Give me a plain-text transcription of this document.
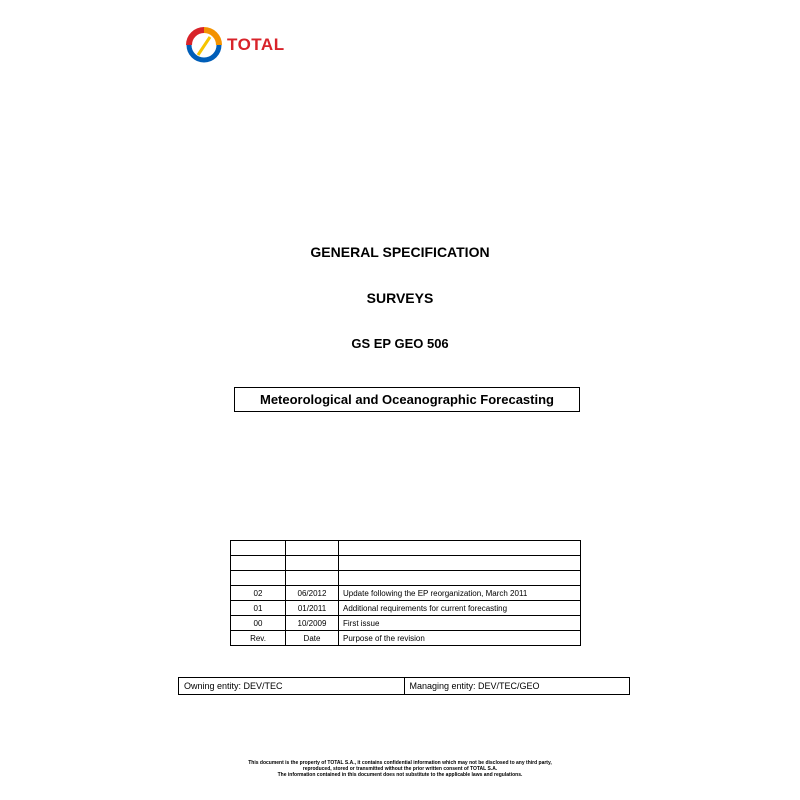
TOTAL
GENERAL SPECIFICATION
SURVEYS
GS EP GEO 506
Meteorological and Oceanographic Forecasting

02	06/2012	Update following the EP reorganization, March 2011
01	01/2011	Additional requirements for current forecasting
00	10/2009	First issue
Rev.	Date	Purpose of the revision
Owning entity: DEV/TEC	Managing entity: DEV/TEC/GEO
This document is the property of TOTAL S.A., it contains confidential information which may not be disclosed to any third party,
reproduced, stored or transmitted without the prior written consent of TOTAL S.A.
The information contained in this document does not substitute to the applicable laws and regulations.
